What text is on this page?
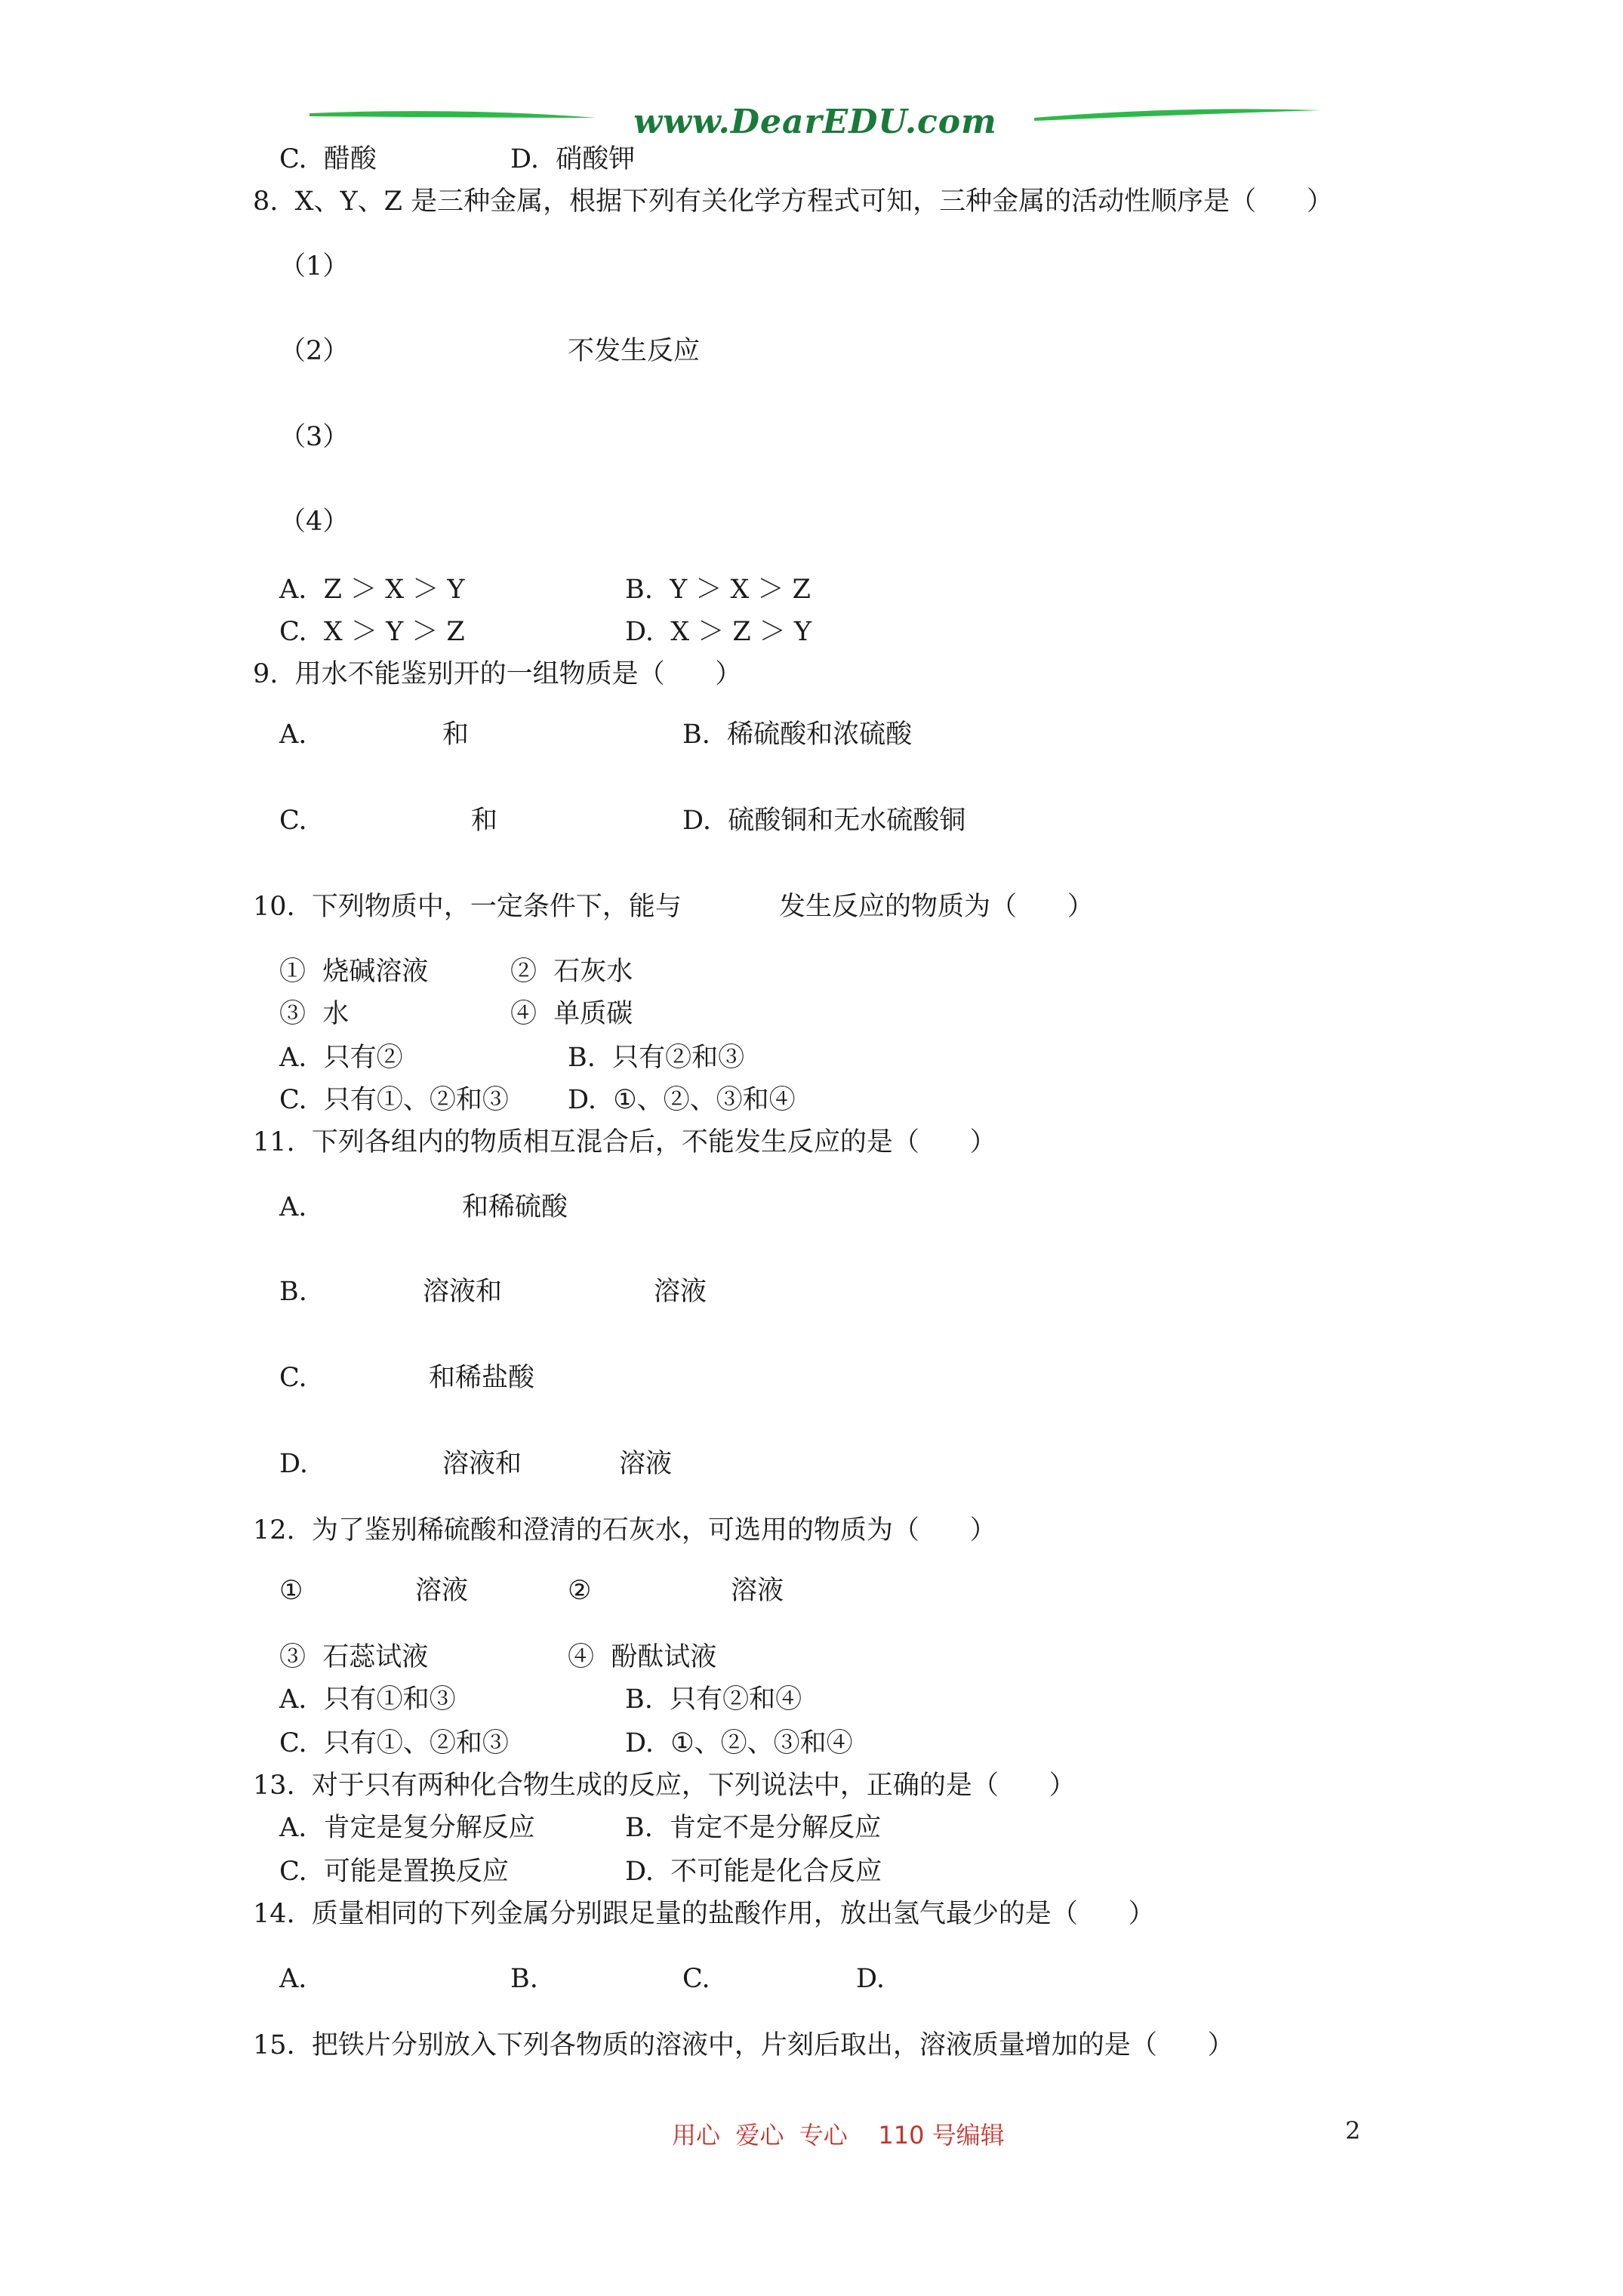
www.DearEDU.com
C.  醋酸	D.  硝酸钾
8.  X、Y、Z 是三种金属，根据下列有关化学方程式可知，三种金属的活动性顺序是（      ）
（1）
（2）	不发生反应
（3）
（4）
A.  Z ＞ X ＞ Y	B.  Y ＞ X ＞ Z
C.  X ＞ Y ＞ Z	D.  X ＞ Z ＞ Y
9.  用水不能鉴别开的一组物质是（      ）
A.	和	B.  稀硫酸和浓硫酸
C.	和	D.  硫酸铜和无水硫酸铜
10.  下列物质中，一定条件下，能与	发生反应的物质为（      ）
①  烧碱溶液	②  石灰水
③  水	④  单质碳
A.  只有②	B.  只有②和③
C.  只有①、②和③ D.  ①、②、③和④
11.  下列各组内的物质相互混合后，不能发生反应的是（      ）
A.	和稀硫酸
B.	溶液和	溶液
C.	和稀盐酸
D.	溶液和	溶液
12.  为了鉴别稀硫酸和澄清的石灰水，可选用的物质为（      ）
①	溶液	②	溶液
③  石蕊试液	④  酚酞试液
A.  只有①和③	B.  只有②和④
C.  只有①、②和③	D.  ①、②、③和④
13.  对于只有两种化合物生成的反应，下列说法中，正确的是（      ）
A.  肯定是复分解反应	B.  肯定不是分解反应
C.  可能是置换反应	D.  不可能是化合反应
14.  质量相同的下列金属分别跟足量的盐酸作用，放出氢气最少的是（      ）
A.	B.	C.	D.
15.  把铁片分别放入下列各物质的溶液中，片刻后取出，溶液质量增加的是（      ）
用心  爱心  专心    110 号编辑	2
